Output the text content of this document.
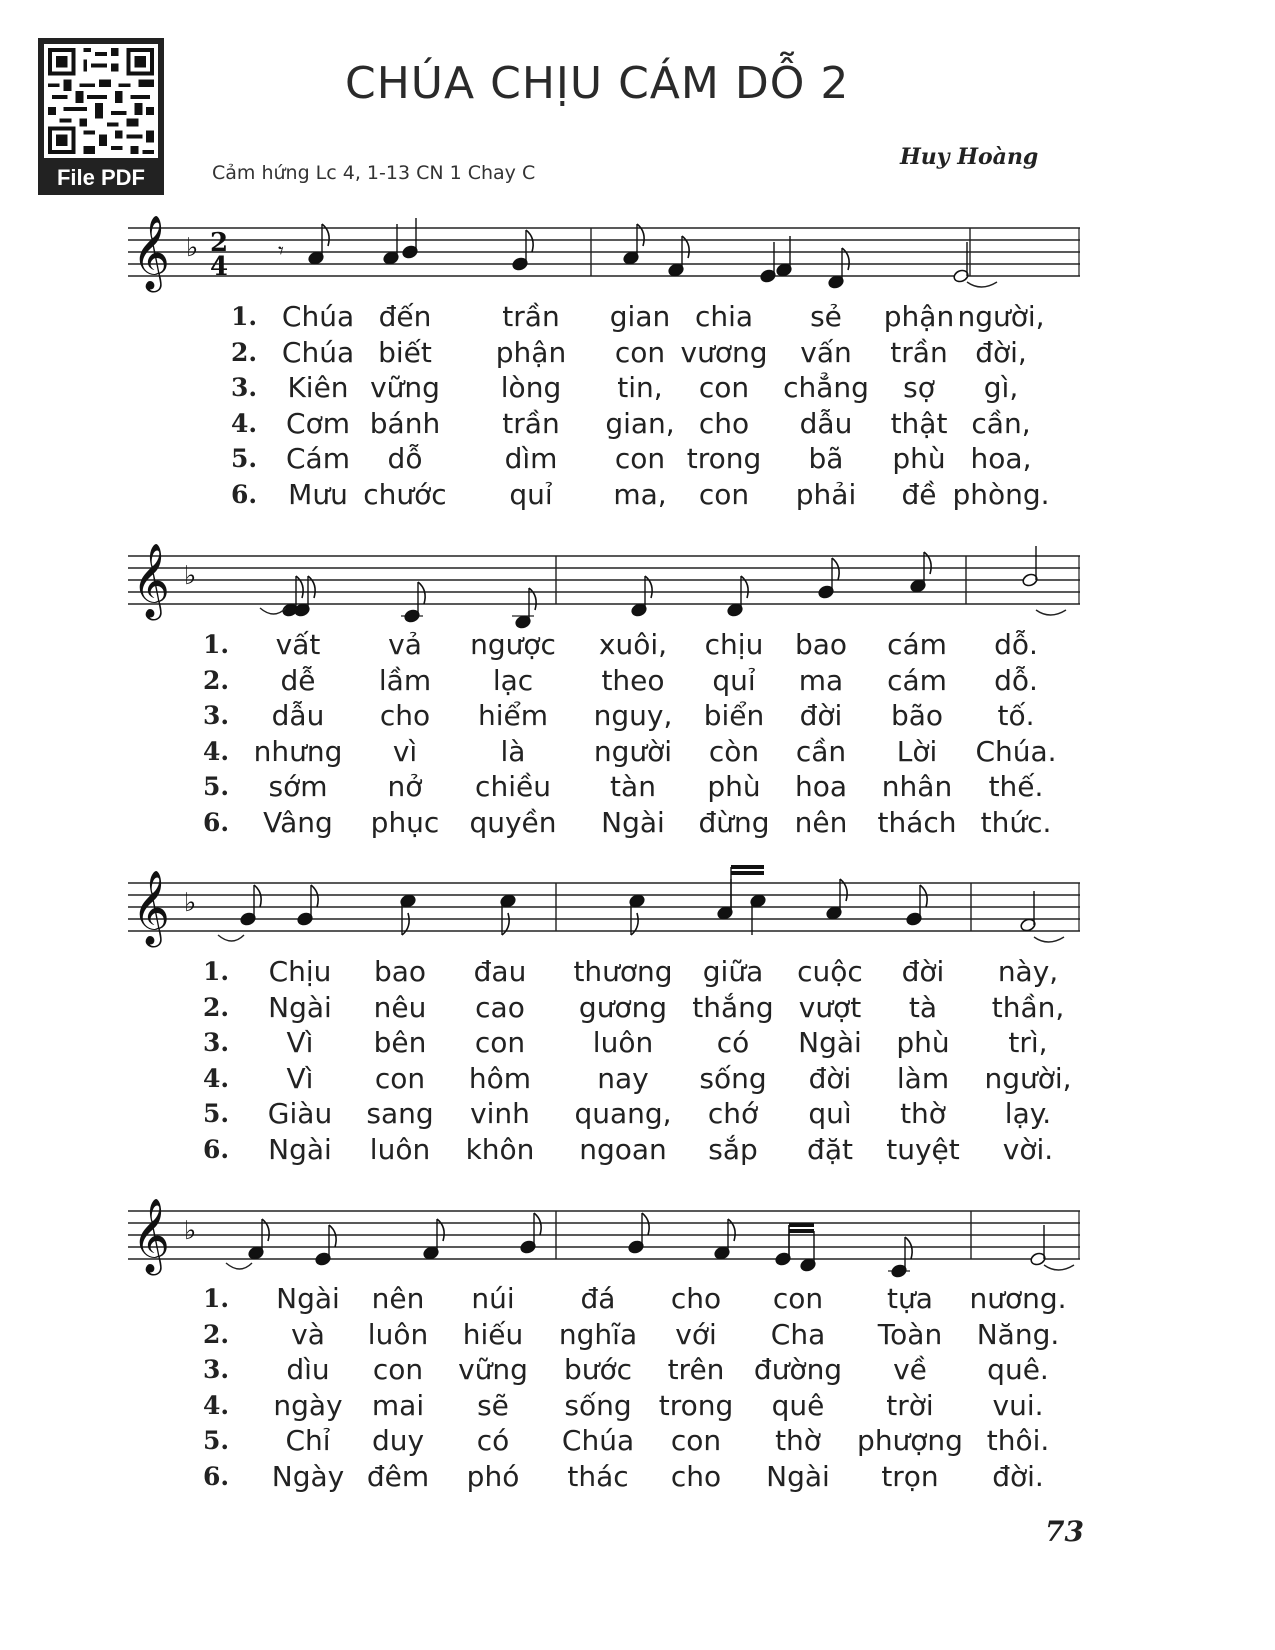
File PDF
CHÚA CHỊU CÁM DỖ 2
Cảm hứng Lc 4, 1-13 CN 1 Chay C
Huy Hoàng
𝄞 ♭ 2
4
𝄾
1. Chúa đến	trần gian chia sẻ phận người,
2. Chúa biết phận con vương vấn trần đời,
3. Kiên vững lòng tin, con chẳng sợ gì,
4. Cơm bánh trần gian, cho dẫu thật cần,
5. Cám dỗ	dìm con trong bã phù hoa,
6. Mưu chước quỉ ma, con phải đề phòng.
𝄞 ♭
1. vất vả ngược xuôi, chịu bao cám dỗ.
2. dễ lầm lạc theo quỉ ma cám dỗ.
3. dẫu cho hiểm nguy, biển đời bão tố.
4. nhưng vì	là người còn cần Lời Chúa.
5. sớm nở chiều tàn phù hoa nhân thế.
6. Vâng phục quyền Ngài đừng nên thách thức.
𝄞 ♭
1. Chịu bao đau thương giữa cuộc đời này,
2. Ngài nêu cao gương thắng vượt tà thần,
3. Vì bên con luôn có Ngài phù trì,
4. Vì con hôm nay sống đời làm người,
5. Giàu sang vinh quang, chớ quì thờ lạy.
6. Ngài luôn khôn ngoan sắp đặt tuyệt vời.
𝄞 ♭
1. Ngài nên núi đá cho con tựa nương.
2. và luôn hiếu nghĩa với Cha Toàn Năng.
3. dìu con vững bước trên đường về quê.
4. ngày mai sẽ sống trong quê trời vui.
5. Chỉ duy có Chúa con thờ phượng thôi.
6. Ngày đêm phó thác cho Ngài trọn đời.
73
